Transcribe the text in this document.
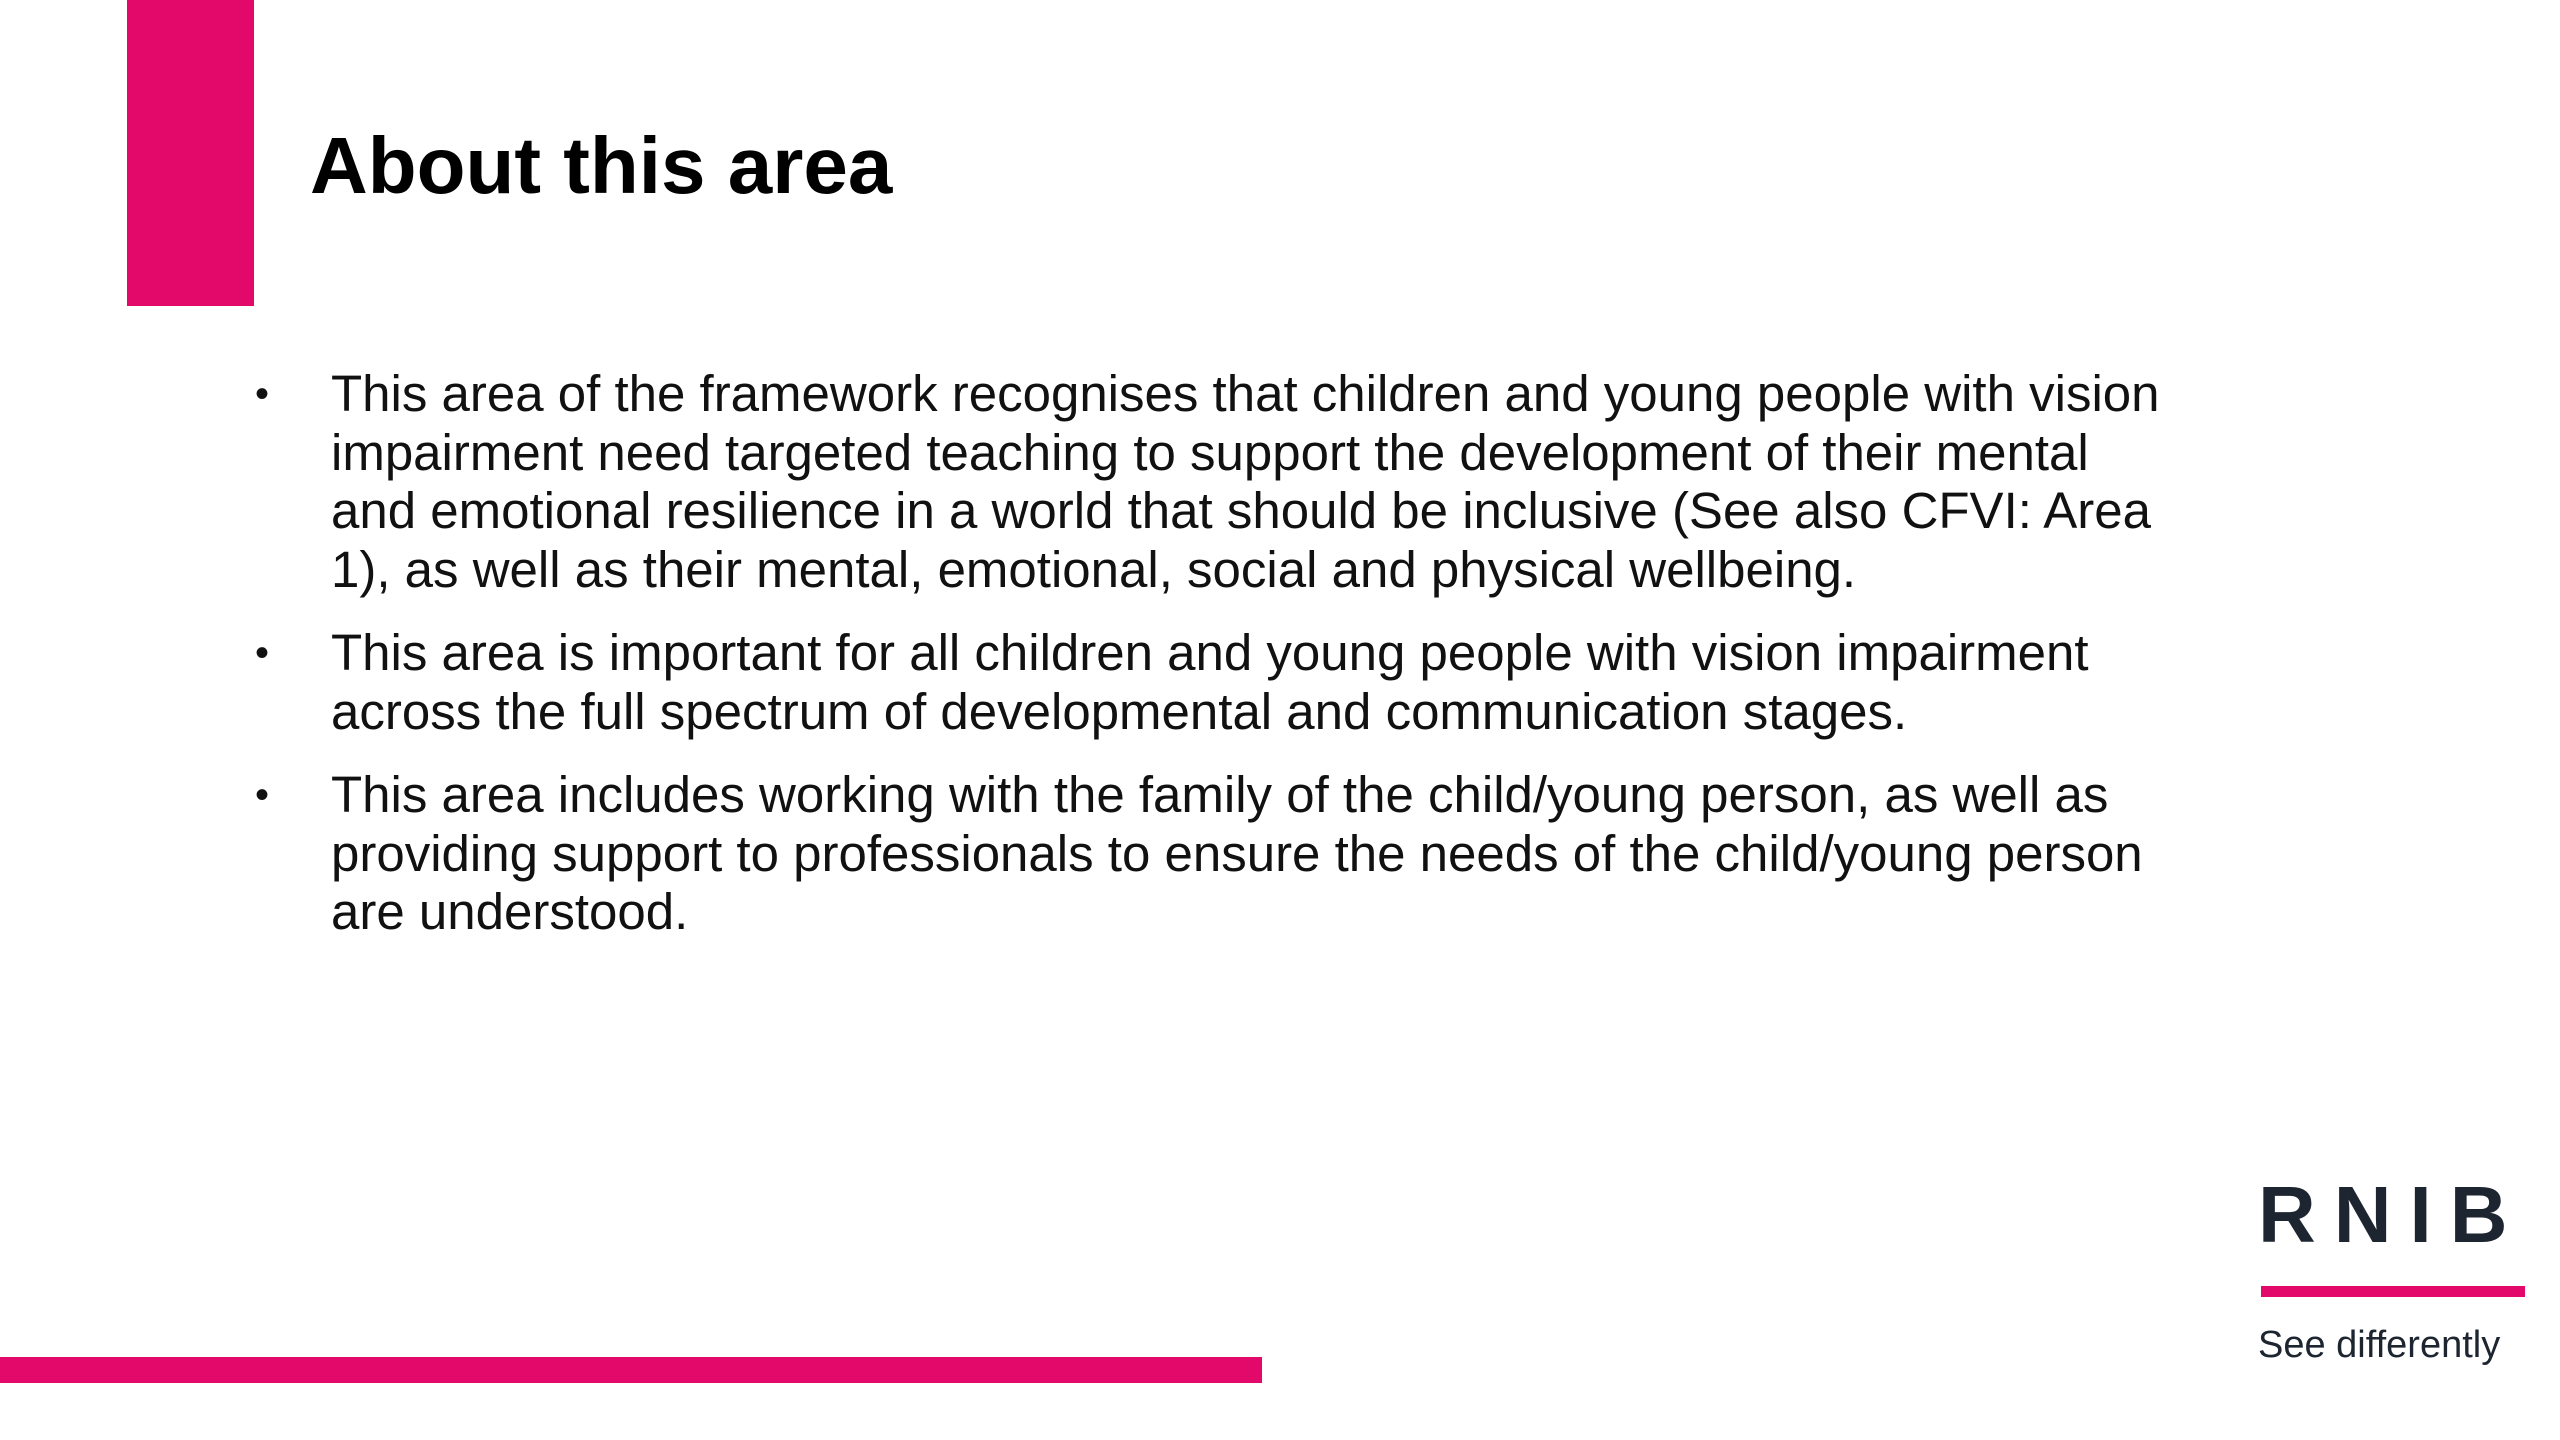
About this area
•	This area of the framework recognises that children and young people with vision impairment need targeted teaching to support the development of their mental and emotional resilience in a world that should be inclusive (See also CFVI: Area 1), as well as their mental, emotional, social and physical wellbeing.
•	This area is important for all children and young people with vision impairment across the full spectrum of developmental and communication stages.
•	This area includes working with the family of the child/young person, as well as providing support to professionals to ensure the needs of the child/young person are understood.
RNIB
See differently
